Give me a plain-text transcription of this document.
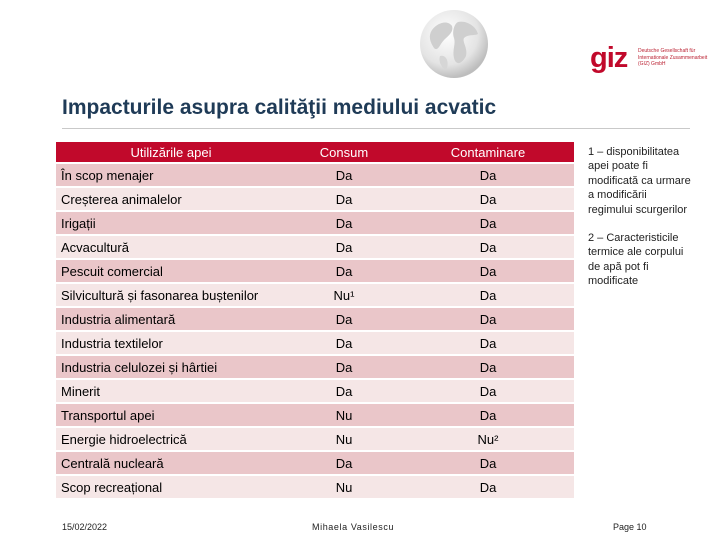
giz Deutsche Gesellschaft für Internationale Zusammenarbeit (GIZ) GmbH
Impacturile asupra calităţii mediului acvatic
Utilizările apei	Consum	Contaminare
În scop menajer	Da	Da
Creșterea animalelor	Da	Da
Irigații	Da	Da
Acvacultură	Da	Da
Pescuit comercial	Da	Da
Silvicultură și fasonarea buștenilor	Nu¹	Da
Industria alimentară	Da	Da
Industria textilelor	Da	Da
Industria celulozei și hârtiei	Da	Da
Minerit	Da	Da
Transportul apei	Nu	Da
Energie hidroelectrică	Nu	Nu²
Centrală nucleară	Da	Da
Scop recreațional	Nu	Da

1 – disponibilitatea apei poate fi modificată ca urmare a modificării regimului scurgerilor

2 – Caracteristicile termice ale corpului de apă pot fi modificate

15/02/2022	Mihaela Vasilescu	Page 10
